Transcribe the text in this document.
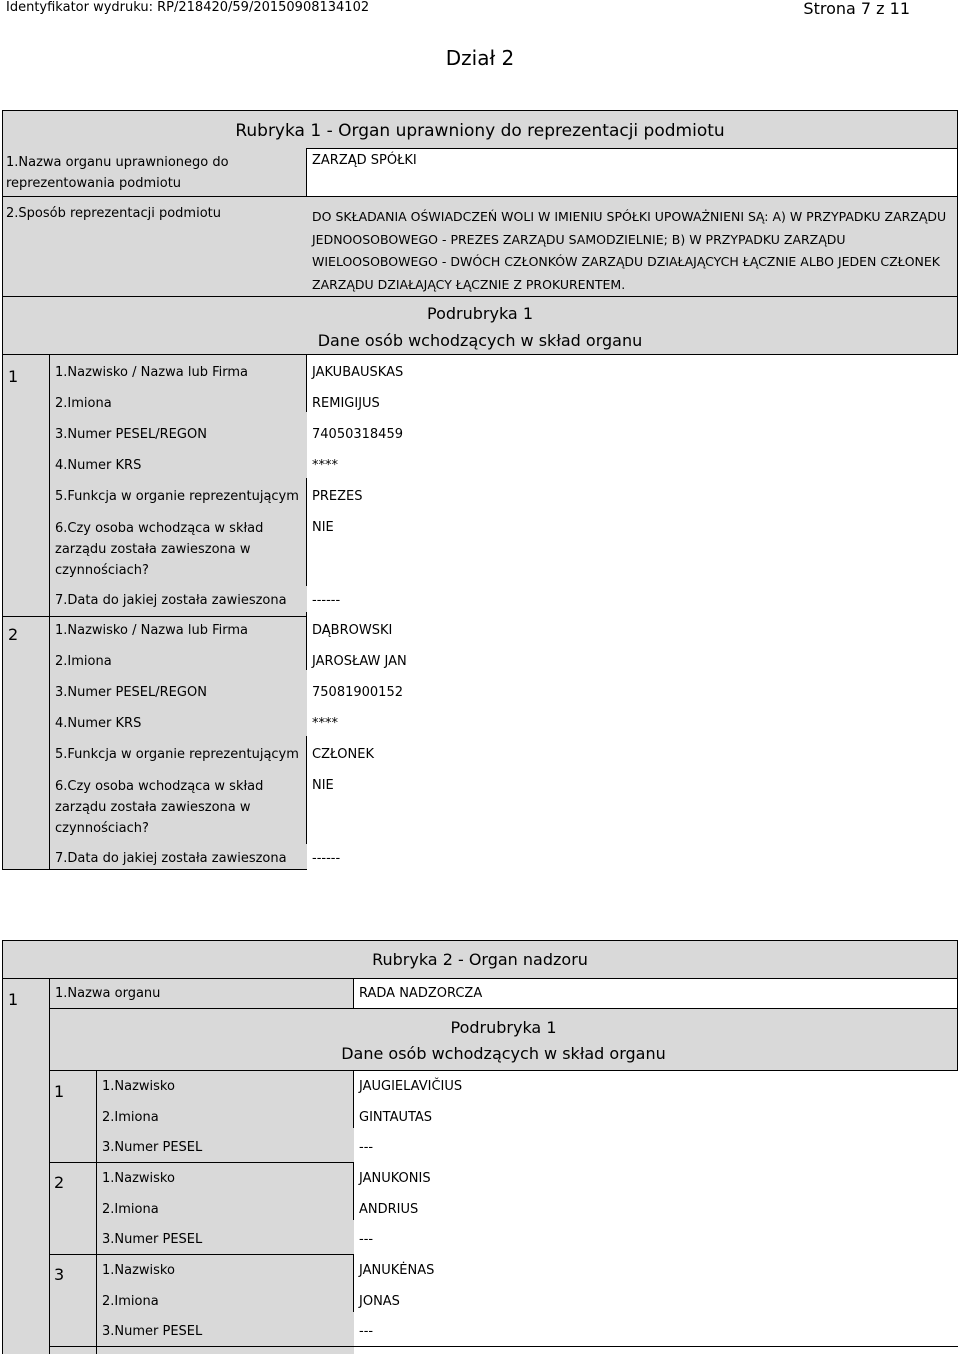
Identyfikator wydruku: RP/218420/59/20150908134102	Strona 7 z 11
Dział 2
Rubryka 1 - Organ uprawniony do reprezentacji podmiotu
1.Nazwa organu uprawnionego do reprezentowania podmiotu
ZARZĄD SPÓŁKI
2.Sposób reprezentacji podmiotu	DO SKŁADANIA OŚWIADCZEŃ WOLI W IMIENIU SPÓŁKI UPOWAŻNIENI SĄ: A) W PRZYPADKU ZARZĄDU JEDNOOSOBOWEGO - PREZES ZARZĄDU SAMODZIELNIE; B) W PRZYPADKU ZARZĄDU WIELOOSOBOWEGO - DWÓCH CZŁONKÓW ZARZĄDU DZIAŁAJĄCYCH ŁĄCZNIE ALBO JEDEN CZŁONEK ZARZĄDU DZIAŁAJĄCY ŁĄCZNIE Z PROKURENTEM.
Podrubryka 1
Dane osób wchodzących w skład organu
1	1.Nazwisko / Nazwa lub Firma	JAKUBAUSKAS
2.Imiona	REMIGIJUS
3.Numer PESEL/REGON	74050318459
4.Numer KRS	****
5.Funkcja w organie reprezentującym PREZES
6.Czy osoba wchodząca w skład zarządu została zawieszona w czynnościach?
NIE
7.Data do jakiej została zawieszona ------
2	1.Nazwisko / Nazwa lub Firma	DĄBROWSKI
2.Imiona	JAROSŁAW JAN
3.Numer PESEL/REGON	75081900152
4.Numer KRS	****
5.Funkcja w organie reprezentującym CZŁONEK
6.Czy osoba wchodząca w skład zarządu została zawieszona w czynnościach?
NIE
7.Data do jakiej została zawieszona ------
Rubryka 2 - Organ nadzoru
1	1.Nazwa organu	RADA NADZORCZA
Podrubryka 1
Dane osób wchodzących w skład organu
1	1.Nazwisko	JAUGIELAVIČIUS
2.Imiona	GINTAUTAS
3.Numer PESEL	---
2	1.Nazwisko	JANUKONIS
2.Imiona	ANDRIUS
3.Numer PESEL	---
3	1.Nazwisko	JANUKĖNAS
2.Imiona	JONAS
3.Numer PESEL	---
